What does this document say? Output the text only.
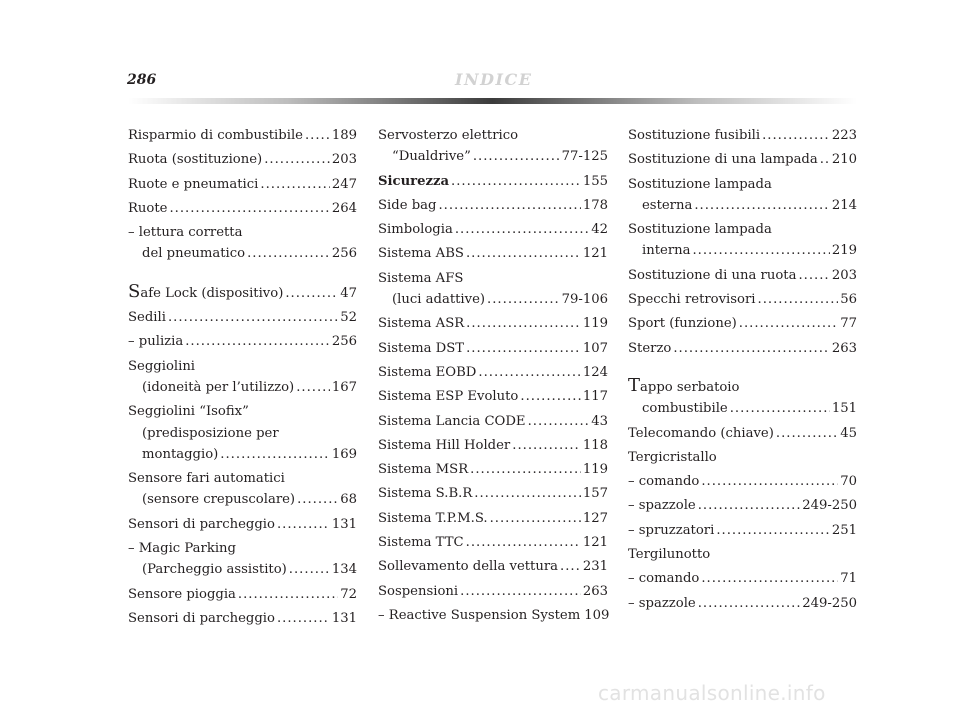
286	INDICE
Risparmio di combustibile ..... 189
Ruota (sostituzione) .....	203
Ruote e pneumatici .....	247
Ruote .....	264
– lettura corretta
del pneumatico .....	256
Safe Lock (dispositivo) .....	47
Sedili .....	52
– pulizia .....	256
Seggiolini
(idoneità per l’utilizzo) .....	167
Seggiolini “Isofix”
(predisposizione per
montaggio) .....	169
Sensore fari automatici
(sensore crepuscolare) .....	68
Sensori di parcheggio .....	131
– Magic Parking
(Parcheggio assistito) .....	134
Sensore pioggia .....	72
Sensori di parcheggio .....	131
Servosterzo elettrico
“Dualdrive” .....	77-125
Sicurezza .....	155
Side bag .....	178
Simbologia .....	42
Sistema ABS .....	121
Sistema AFS
(luci adattive) .....	79-106
Sistema ASR .....	119
Sistema DST .....	107
Sistema EOBD .....	124
Sistema ESP Evoluto .....	117
Sistema Lancia CODE .....	43
Sistema Hill Holder .....	118
Sistema MSR .....	119
Sistema S.B.R .....	157
Sistema T.P.M.S. .....	127
Sistema TTC .....	121
Sollevamento della vettura ..... 231
Sospensioni .....	263
– Reactive Suspension System 109
Sostituzione fusibili .....	223
Sostituzione di una lampada ..... 210
Sostituzione lampada
esterna .....	214
Sostituzione lampada
interna .....	219
Sostituzione di una ruota .....	203
Specchi retrovisori .....	56
Sport (funzione) .....	77
Sterzo .....	263
Tappo serbatoio
combustibile .....	151
Telecomando (chiave) .....	45
Tergicristallo
– comando .....	70
– spazzole .....	249-250
– spruzzatori .....	251
Tergilunotto
– comando .....	71
– spazzole .....	249-250
carmanualsonline.info
